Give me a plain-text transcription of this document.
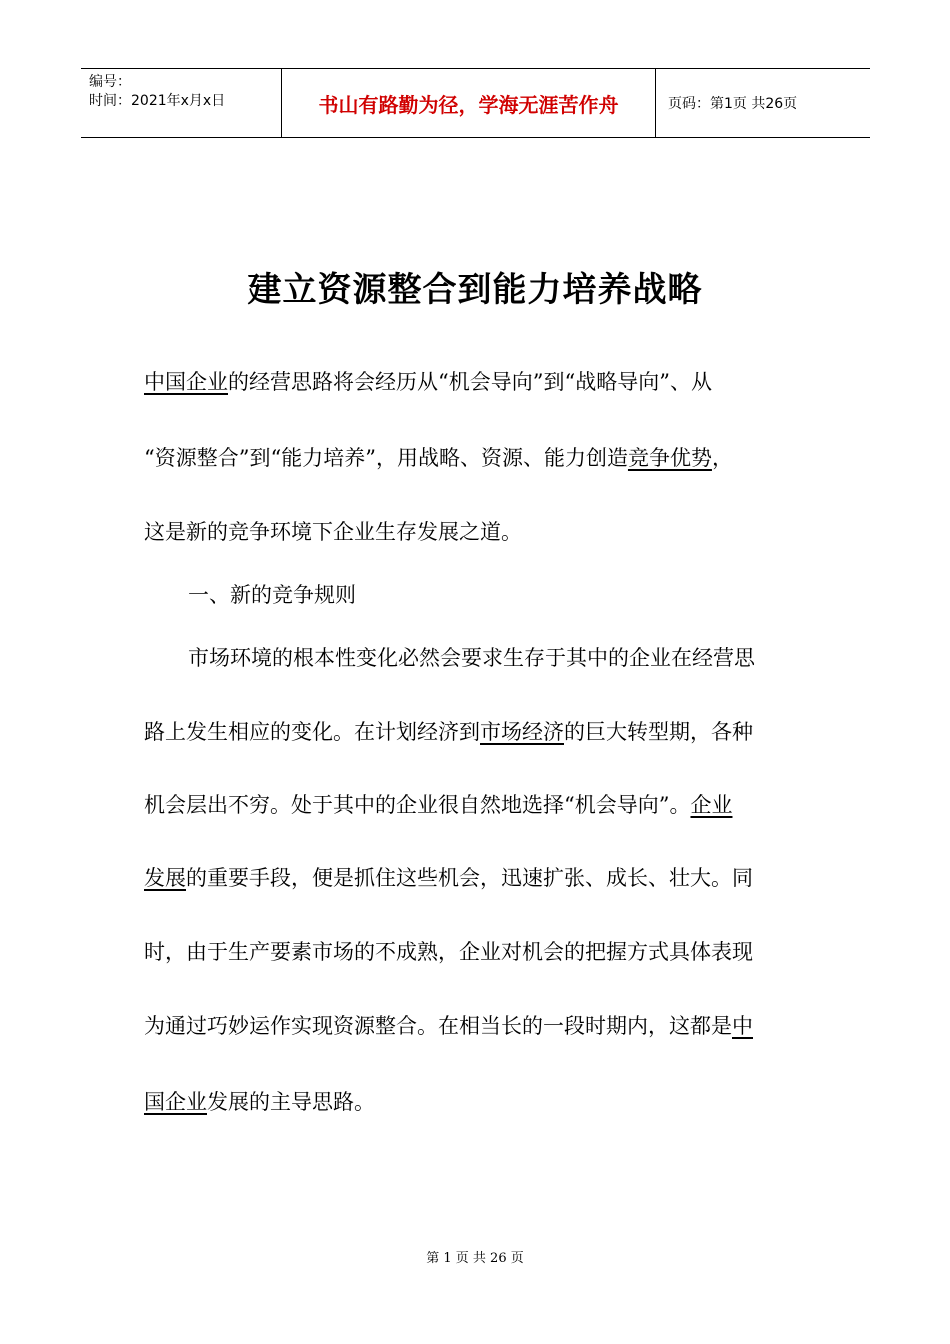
编号：
时间：2021年x月x日	书山有路勤为径，学海无涯苦作舟	页码：第1页 共26页
建立资源整合到能力培养战略
中国企业的经营思路将会经历从“机会导向”到“战略导向”、从
“资源整合”到“能力培养”，用战略、资源、能力创造竞争优势，
这是新的竞争环境下企业生存发展之道。
一、新的竞争规则
市场环境的根本性变化必然会要求生存于其中的企业在经营思
路上发生相应的变化。在计划经济到市场经济的巨大转型期，各种
机会层出不穷。处于其中的企业很自然地选择“机会导向”。企业
发展的重要手段，便是抓住这些机会，迅速扩张、成长、壮大。同
时，由于生产要素市场的不成熟，企业对机会的把握方式具体表现
为通过巧妙运作实现资源整合。在相当长的一段时期内，这都是中
国企业发展的主导思路。
第 1 页 共 26 页
